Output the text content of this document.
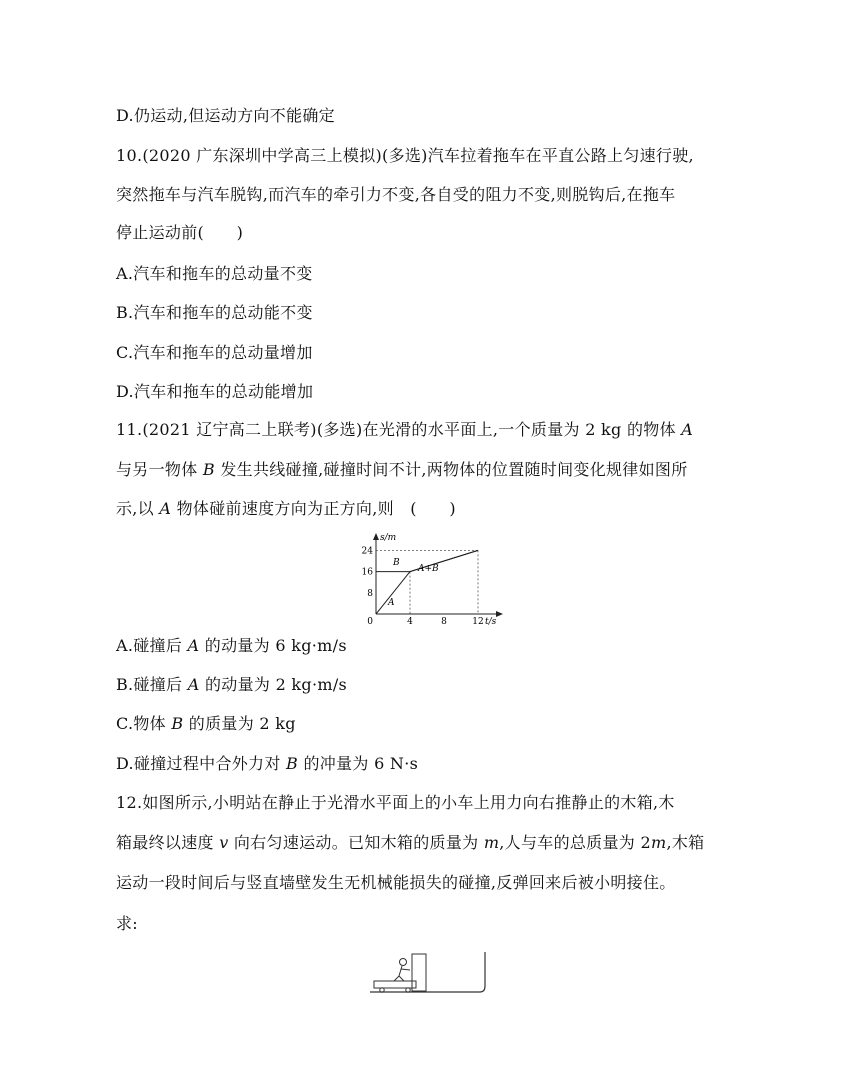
D.仍运动,但运动方向不能确定
10.(2020 广东深圳中学高三上模拟)(多选)汽车拉着拖车在平直公路上匀速行驶,
突然拖车与汽车脱钩,而汽车的牵引力不变,各自受的阻力不变,则脱钩后,在拖车
停止运动前(　　)
A.汽车和拖车的总动量不变
B.汽车和拖车的总动能不变
C.汽车和拖车的总动量增加
D.汽车和拖车的总动能增加
11.(2021 辽宁高二上联考)(多选)在光滑的水平面上,一个质量为 2 kg 的物体 A
与另一物体 B 发生共线碰撞,碰撞时间不计,两物体的位置随时间变化规律如图所
示,以 A 物体碰前速度方向为正方向,则　(　　)
8
16
24
0	4	8	12
s/m
t/s
B
A
A+B
A.碰撞后 A 的动量为 6 kg·m/s
B.碰撞后 A 的动量为 2 kg·m/s
C.物体 B 的质量为 2 kg
D.碰撞过程中合外力对 B 的冲量为 6 N·s
12.如图所示,小明站在静止于光滑水平面上的小车上用力向右推静止的木箱,木
箱最终以速度 v 向右匀速运动。已知木箱的质量为 m,人与车的总质量为 2m,木箱
运动一段时间后与竖直墙壁发生无机械能损失的碰撞,反弹回来后被小明接住。
求:
